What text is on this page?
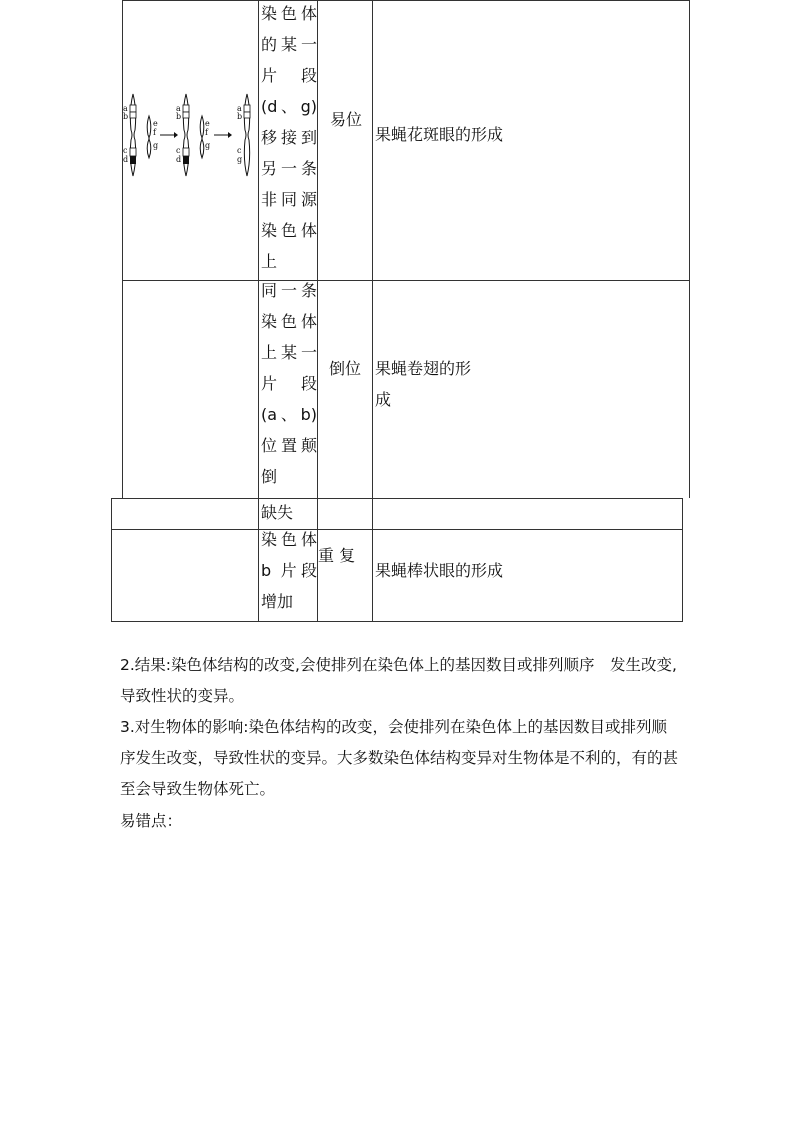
a
b
c
d
e
f
g
a
b
c
d
e
f
g
a
b
c
g
染色体的某一片段(d、g)移接到另一条非同源染色体 上
易位
果蝇花斑眼的形成
同一条染色体上某一片段(a、b)位置颠 倒
倒位 果蝇卷翅的形 成
缺失
染色体 b 片段增加
重 复
果蝇棒状眼的形成
2.结果:染色体结构的改变,会使排列在染色体上的基因数目或排列顺序　发生改变,导致性状的变异。
3.对生物体的影响:染色体结构的改变，会使排列在染色体上的基因数目或排列顺序发生改变，导致性状的变异。大多数染色体结构变异对生物体是不利的，有的甚至会导致生物体死亡。
易错点：
